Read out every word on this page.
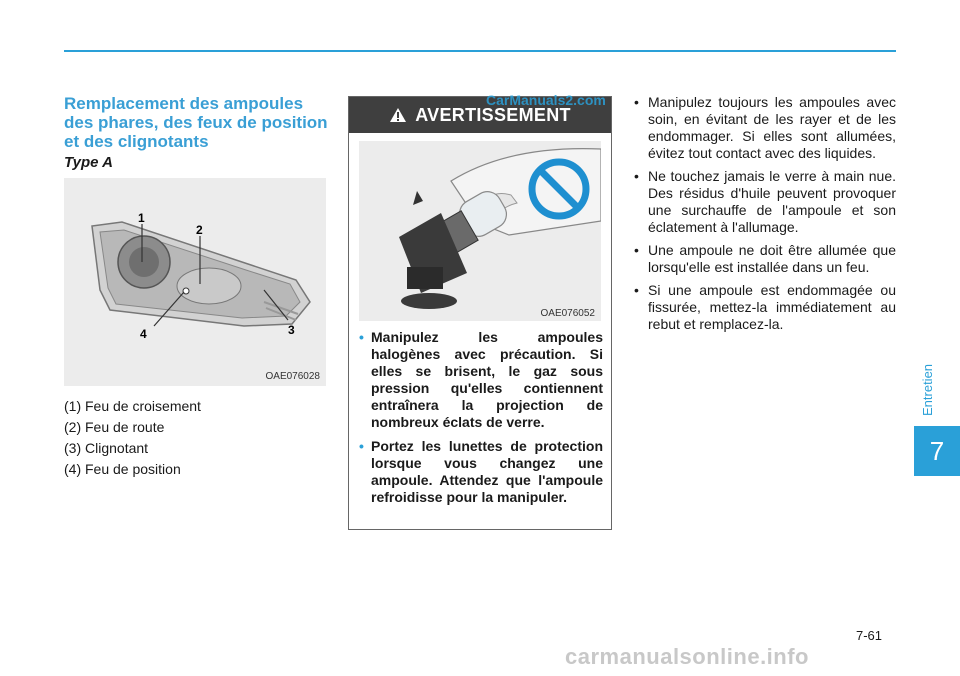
Remplacement des ampoules des phares, des feux de position et des clignotants
Type A
1
2
3
4
OAE076028
(1) Feu de croisement
(2) Feu de route
(3) Clignotant
(4) Feu de position
AVERTISSEMENT
OAE076052
• Manipulez les ampoules halogènes avec précaution. Si elles se brisent, le gaz sous pression qu'elles contiennent entraînera la projection de nombreux éclats de verre.
• Portez les lunettes de protection lorsque vous changez une ampoule. Attendez que l'ampoule refroidisse pour la manipuler.
• Manipulez toujours les ampoules avec soin, en évitant de les rayer et de les endommager. Si elles sont allumées, évitez tout contact avec des liquides.
• Ne touchez jamais le verre à main nue. Des résidus d'huile peuvent provoquer une surchauffe de l'ampoule et son éclatement à l'allumage.
• Une ampoule ne doit être allumée que lorsqu'elle est installée dans un feu.
• Si une ampoule est endommagée ou fissurée, mettez-la immédiatement au rebut et remplacez-la.
Entretien
7
7-61
CarManuals2.com
carmanualsonline.info
